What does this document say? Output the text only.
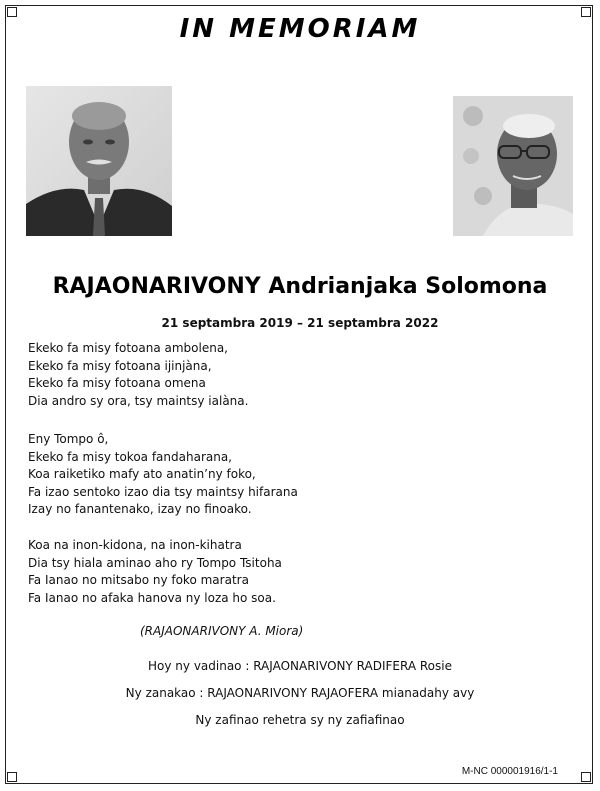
IN MEMORIAM
RAJAONARIVONY Andrianjaka Solomona
21 septambra 2019 – 21 septambra 2022
Ekeko fa misy fotoana ambolena,
Ekeko fa misy fotoana ijinjàna,
Ekeko fa misy fotoana omena
Dia andro sy ora, tsy maintsy ialàna.
Eny Tompo ô,
Ekeko fa misy tokoa fandaharana,
Koa raiketiko mafy ato anatin’ny foko,
Fa izao sentoko izao dia tsy maintsy hifarana
Izay no fanantenako, izay no finoako.
Koa na inon-kidona, na inon-kihatra
Dia tsy hiala aminao aho ry Tompo Tsitoha
Fa Ianao no mitsabo ny foko maratra
Fa Ianao no afaka hanova ny loza ho soa.
(RAJAONARIVONY A. Miora)
Hoy ny vadinao : RAJAONARIVONY RADIFERA Rosie
Ny zanakao : RAJAONARIVONY RAJAOFERA mianadahy avy
Ny zafinao rehetra sy ny zafiafinao
M-NC 000001916/1-1
